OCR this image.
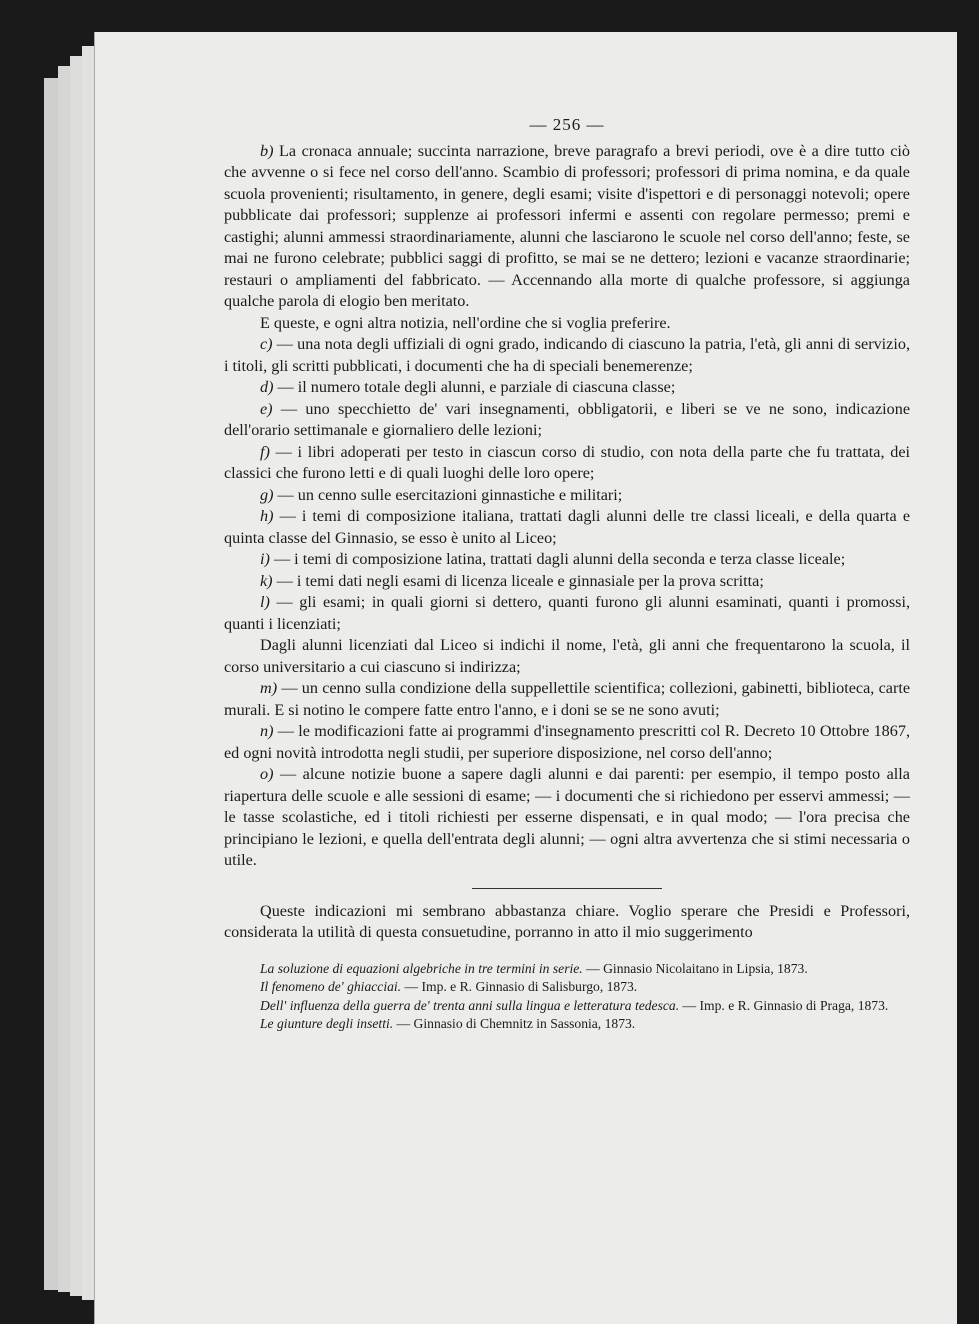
— 256 —

b) La cronaca annuale; succinta narrazione, breve paragrafo a brevi periodi, ove è a dire tutto ciò che avvenne o si fece nel corso dell'anno. Scambio di professori; professori di prima nomina, e da quale scuola provenienti; risultamento, in genere, degli esami; visite d'ispettori e di personaggi notevoli; opere pubblicate dai professori; supplenze ai professori infermi e assenti con regolare permesso; premi e castighi; alunni ammessi straordinariamente, alunni che lasciarono le scuole nel corso dell'anno; feste, se mai ne furono celebrate; pubblici saggi di profitto, se mai se ne dettero; lezioni e vacanze straordinarie; restauri o ampliamenti del fabbricato. — Accennando alla morte di qualche professore, si aggiunga qualche parola di elogio ben meritato.

E queste, e ogni altra notizia, nell'ordine che si voglia preferire.

c) — una nota degli uffiziali di ogni grado, indicando di ciascuno la patria, l'età, gli anni di servizio, i titoli, gli scritti pubblicati, i documenti che ha di speciali benemerenze;

d) — il numero totale degli alunni, e parziale di ciascuna classe;

e) — uno specchietto de' vari insegnamenti, obbligatorii, e liberi se ve ne sono, indicazione dell'orario settimanale e giornaliero delle lezioni;

f) — i libri adoperati per testo in ciascun corso di studio, con nota della parte che fu trattata, dei classici che furono letti e di quali luoghi delle loro opere;

g) — un cenno sulle esercitazioni ginnastiche e militari;

h) — i temi di composizione italiana, trattati dagli alunni delle tre classi liceali, e della quarta e quinta classe del Ginnasio, se esso è unito al Liceo;

i) — i temi di composizione latina, trattati dagli alunni della seconda e terza classe liceale;

k) — i temi dati negli esami di licenza liceale e ginnasiale per la prova scritta;

l) — gli esami; in quali giorni si dettero, quanti furono gli alunni esaminati, quanti i promossi, quanti i licenziati;

Dagli alunni licenziati dal Liceo si indichi il nome, l'età, gli anni che frequentarono la scuola, il corso universitario a cui ciascuno si indirizza;

m) — un cenno sulla condizione della suppellettile scientifica; collezioni, gabinetti, biblioteca, carte murali. E si notino le compere fatte entro l'anno, e i doni se se ne sono avuti;

n) — le modificazioni fatte ai programmi d'insegnamento prescritti col R. Decreto 10 Ottobre 1867, ed ogni novità introdotta negli studii, per superiore disposizione, nel corso dell'anno;

o) — alcune notizie buone a sapere dagli alunni e dai parenti: per esempio, il tempo posto alla riapertura delle scuole e alle sessioni di esame; — i documenti che si richiedono per esservi ammessi; — le tasse scolastiche, ed i titoli richiesti per esserne dispensati, e in qual modo; — l'ora precisa che principiano le lezioni, e quella dell'entrata degli alunni; — ogni altra avvertenza che si stimi necessaria o utile.

Queste indicazioni mi sembrano abbastanza chiare. Voglio sperare che Presidi e Professori, considerata la utilità di questa consuetudine, porranno in atto il mio suggerimento

La soluzione di equazioni algebriche in tre termini in serie. — Ginnasio Nicolaitano in Lipsia, 1873.

Il fenomeno de' ghiacciai. — Imp. e R. Ginnasio di Salisburgo, 1873.

Dell' influenza della guerra de' trenta anni sulla lingua e letteratura tedesca. — Imp. e R. Ginnasio di Praga, 1873.

Le giunture degli insetti. — Ginnasio di Chemnitz in Sassonia, 1873.
